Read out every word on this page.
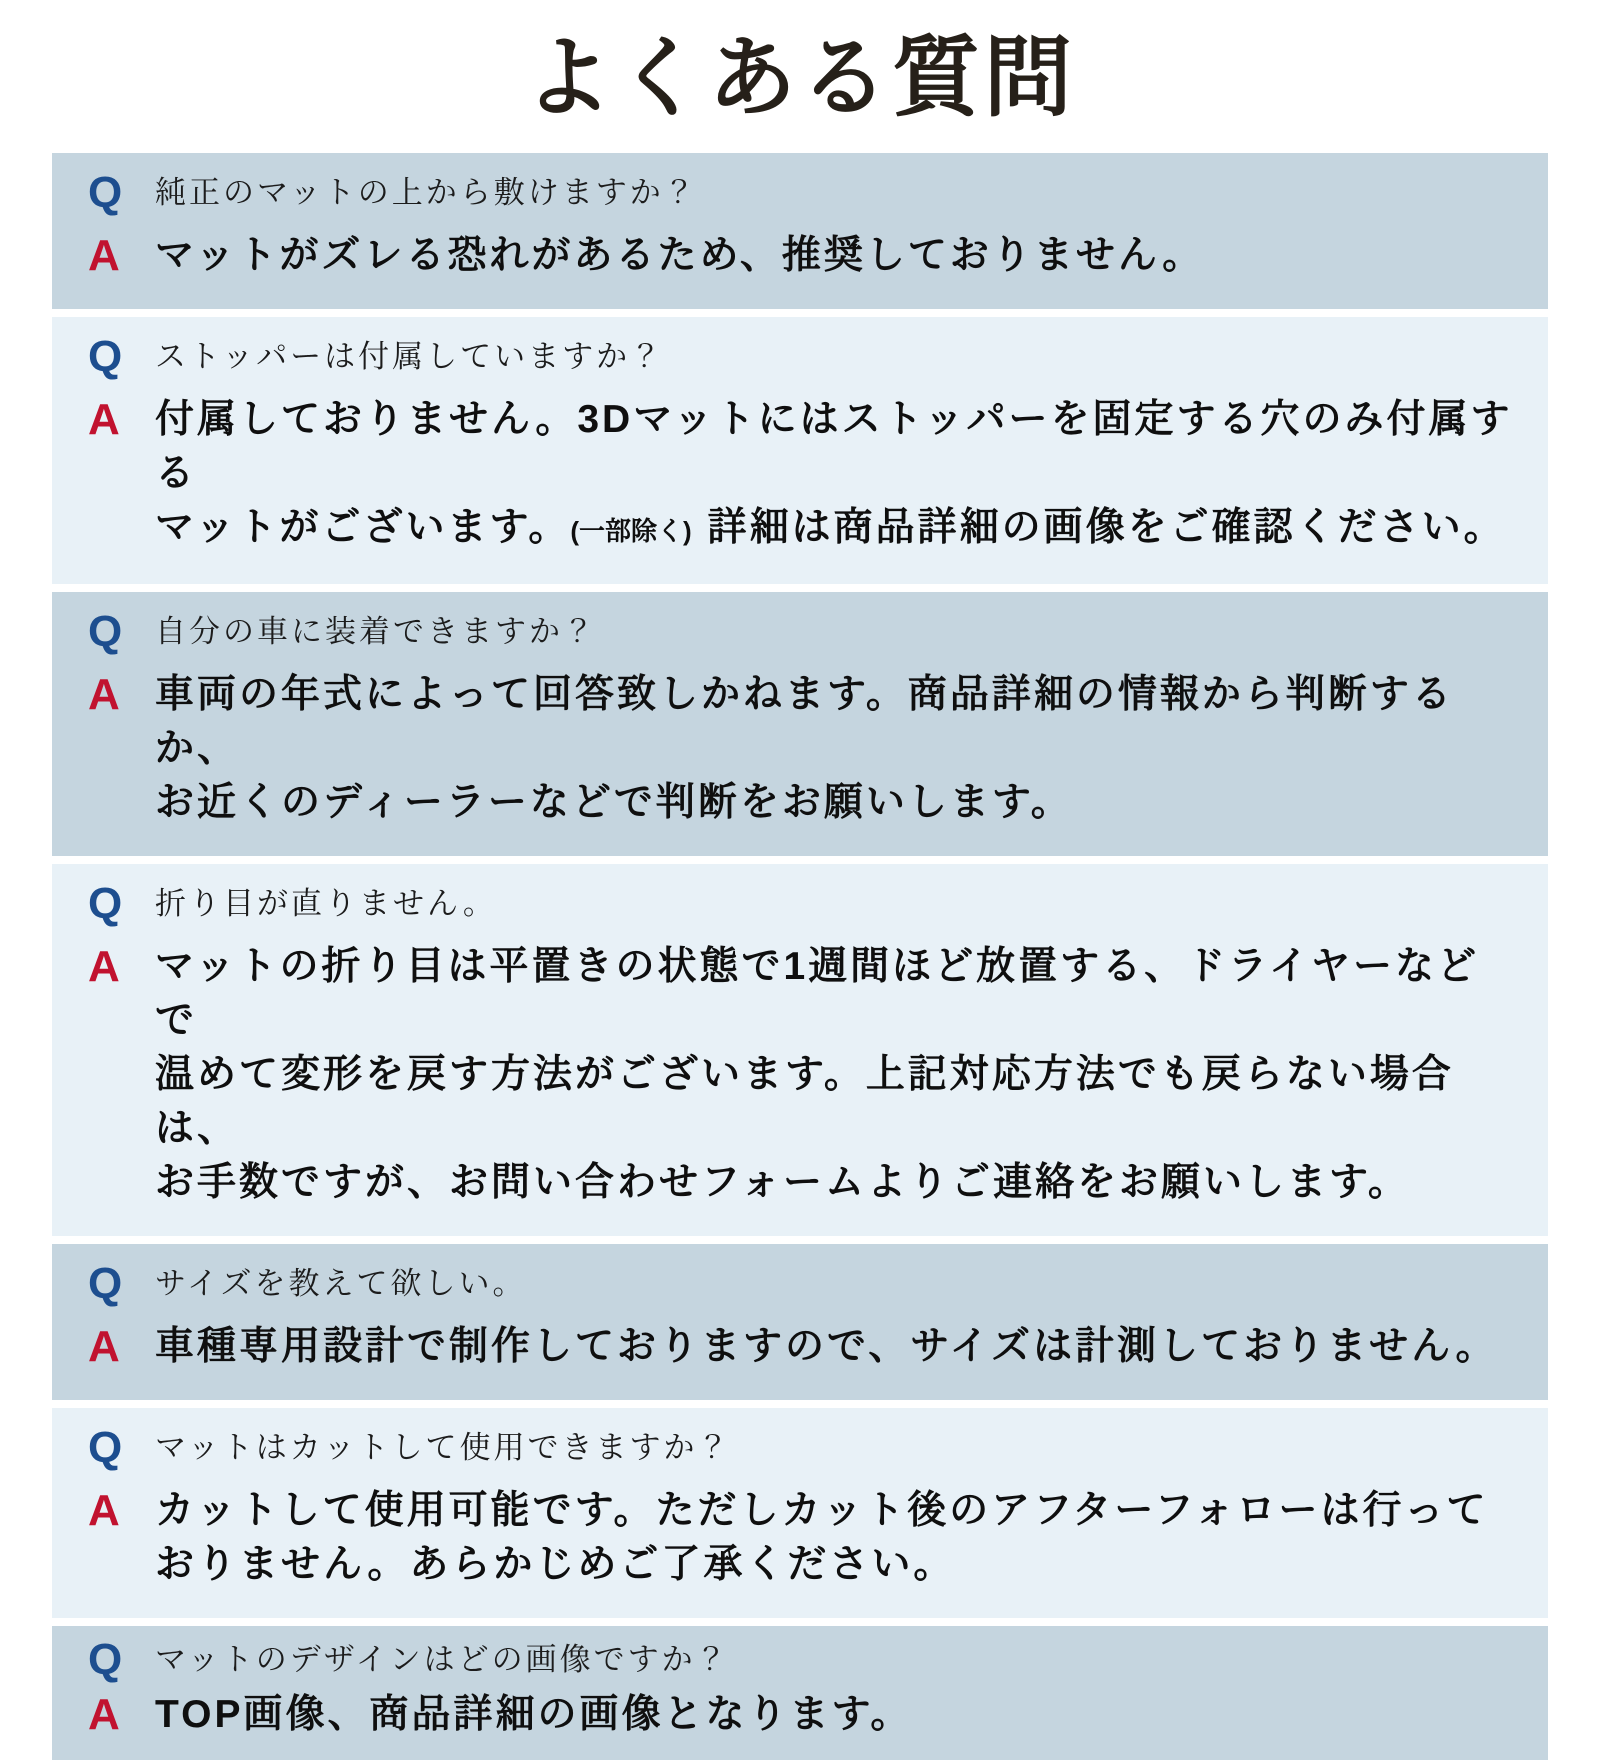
よくある質問
Q	純正のマットの上から敷けますか？

A マットがズレる恐れがあるため、推奨しておりません。
Q	ストッパーは付属していますか？

A 付属しておりません。3Dマットにはストッパーを固定する穴のみ付属する
マットがございます。(一部除く) 詳細は商品詳細の画像をご確認ください。
Q	自分の車に装着できますか？

A 車両の年式によって回答致しかねます。商品詳細の情報から判断するか、
お近くのディーラーなどで判断をお願いします。
Q	折り目が直りません。

A マットの折り目は平置きの状態で1週間ほど放置する、ドライヤーなどで
温めて変形を戻す方法がございます。上記対応方法でも戻らない場合は、
お手数ですが、お問い合わせフォームよりご連絡をお願いします。
Q	サイズを教えて欲しい。

A 車種専用設計で制作しておりますので、サイズは計測しておりません。
Q	マットはカットして使用できますか？

A カットして使用可能です。ただしカット後のアフターフォローは行って
おりません。あらかじめご了承ください。
Q	マットのデザインはどの画像ですか？

A TOP画像、商品詳細の画像となります。
